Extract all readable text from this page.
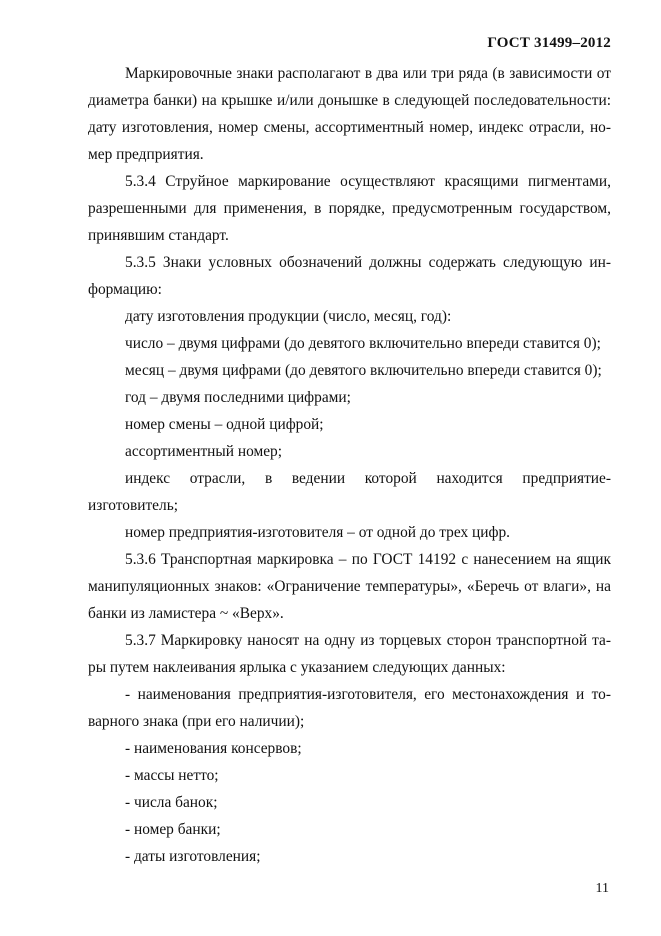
ГОСТ 31499–2012
Маркировочные знаки располагают в два или три ряда (в зависимости от
диаметра банки) на крышке и/или донышке в следующей последовательности:
дату изготовления, номер смены, ассортиментный номер, индекс отрасли, но-
мер предприятия.
5.3.4 Струйное маркирование осуществляют красящими пигментами,
разрешенными для применения, в порядке, предусмотренным государством,
принявшим стандарт.
5.3.5 Знаки условных обозначений должны содержать следующую ин-
формацию:
дату изготовления продукции (число, месяц, год):
число – двумя цифрами (до девятого включительно впереди ставится 0);
месяц – двумя цифрами (до девятого включительно впереди ставится 0);
год – двумя последними цифрами;
номер смены – одной цифрой;
ассортиментный номер;
индекс отрасли, в ведении которой находится предприятие-
изготовитель;
номер предприятия-изготовителя – от одной до трех цифр.
5.3.6 Транспортная маркировка – по ГОСТ 14192 с нанесением на ящик
манипуляционных знаков: «Ограничение температуры», «Беречь от влаги», на
банки из ламистера ~ «Верх».
5.3.7 Маркировку наносят на одну из торцевых сторон транспортной та-
ры путем наклеивания ярлыка с указанием следующих данных:
- наименования предприятия-изготовителя, его местонахождения и то-
варного знака (при его наличии);
- наименования консервов;
- массы нетто;
- числа банок;
- номер банки;
- даты изготовления;
11
